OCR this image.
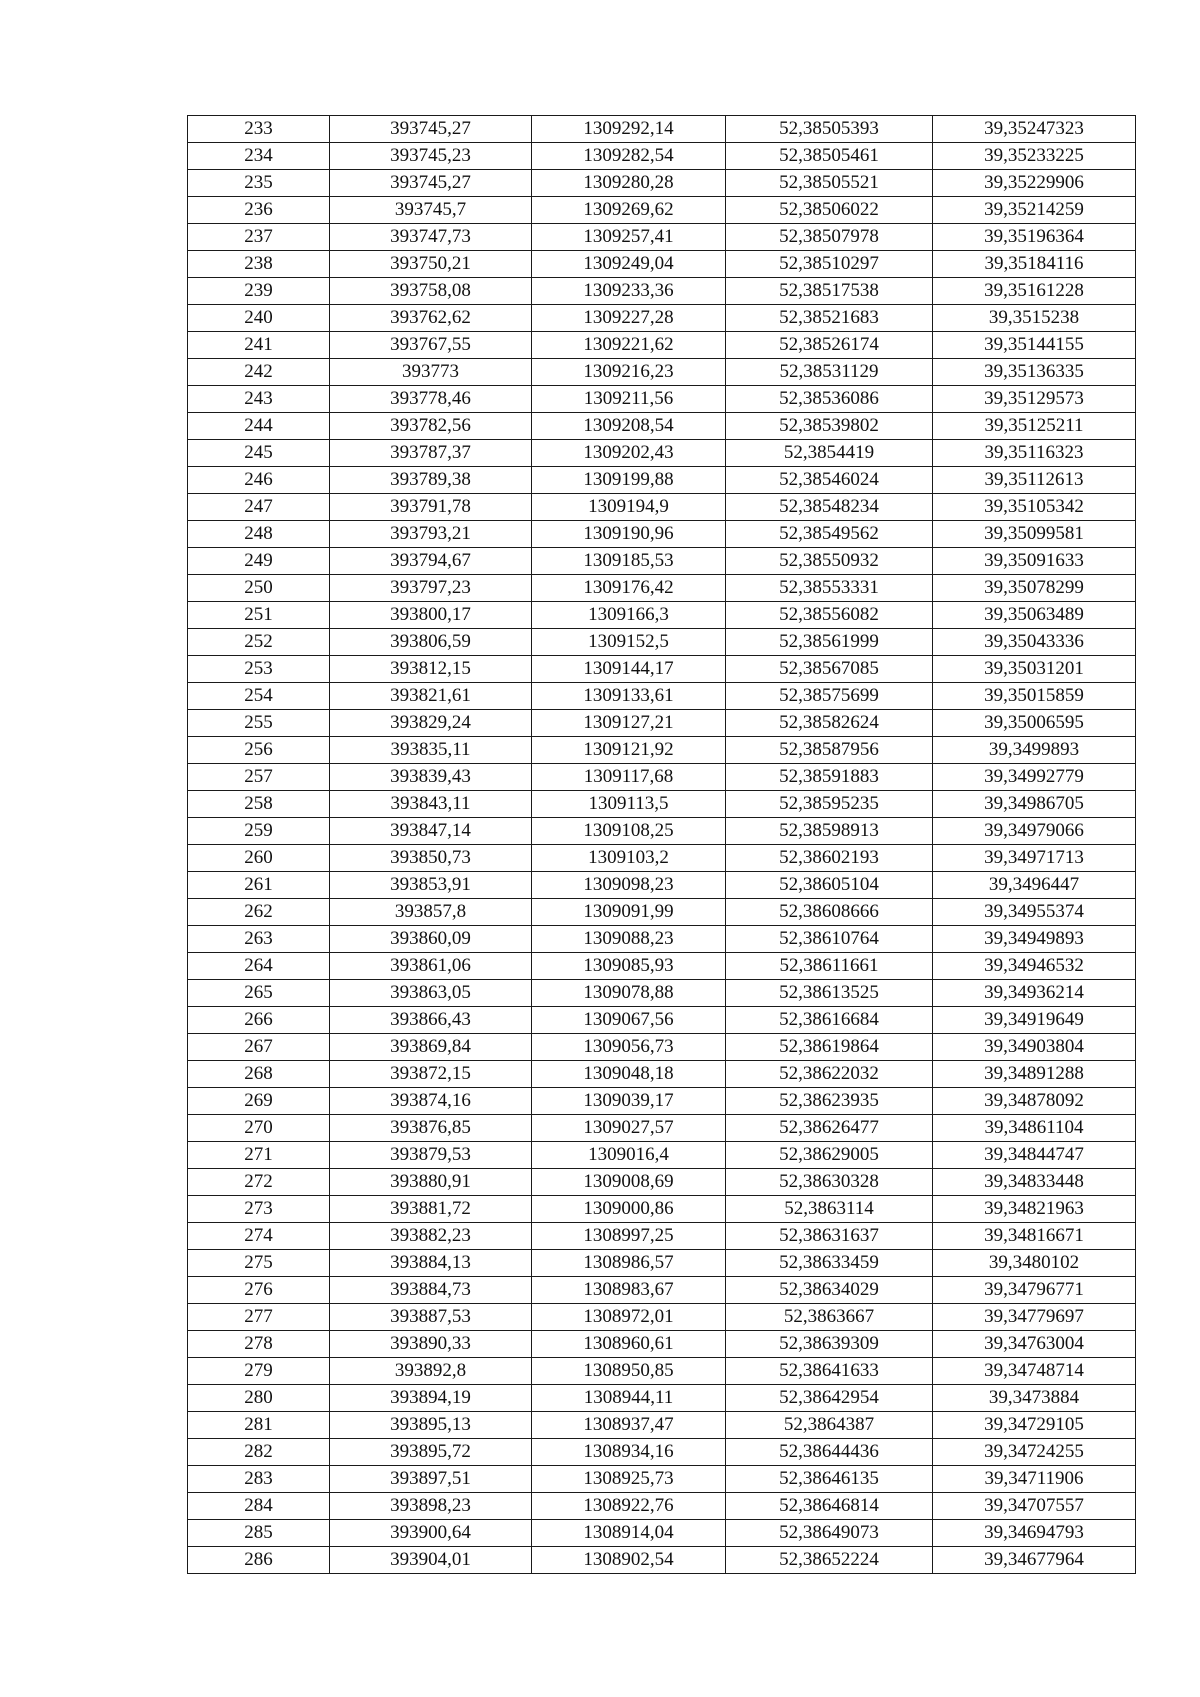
233	393745,27	1309292,14	52,38505393	39,35247323
234	393745,23	1309282,54	52,38505461	39,35233225
235	393745,27	1309280,28	52,38505521	39,35229906
236	393745,7	1309269,62	52,38506022	39,35214259
237	393747,73	1309257,41	52,38507978	39,35196364
238	393750,21	1309249,04	52,38510297	39,35184116
239	393758,08	1309233,36	52,38517538	39,35161228
240	393762,62	1309227,28	52,38521683	39,3515238
241	393767,55	1309221,62	52,38526174	39,35144155
242	393773	1309216,23	52,38531129	39,35136335
243	393778,46	1309211,56	52,38536086	39,35129573
244	393782,56	1309208,54	52,38539802	39,35125211
245	393787,37	1309202,43	52,3854419	39,35116323
246	393789,38	1309199,88	52,38546024	39,35112613
247	393791,78	1309194,9	52,38548234	39,35105342
248	393793,21	1309190,96	52,38549562	39,35099581
249	393794,67	1309185,53	52,38550932	39,35091633
250	393797,23	1309176,42	52,38553331	39,35078299
251	393800,17	1309166,3	52,38556082	39,35063489
252	393806,59	1309152,5	52,38561999	39,35043336
253	393812,15	1309144,17	52,38567085	39,35031201
254	393821,61	1309133,61	52,38575699	39,35015859
255	393829,24	1309127,21	52,38582624	39,35006595
256	393835,11	1309121,92	52,38587956	39,3499893
257	393839,43	1309117,68	52,38591883	39,34992779
258	393843,11	1309113,5	52,38595235	39,34986705
259	393847,14	1309108,25	52,38598913	39,34979066
260	393850,73	1309103,2	52,38602193	39,34971713
261	393853,91	1309098,23	52,38605104	39,3496447
262	393857,8	1309091,99	52,38608666	39,34955374
263	393860,09	1309088,23	52,38610764	39,34949893
264	393861,06	1309085,93	52,38611661	39,34946532
265	393863,05	1309078,88	52,38613525	39,34936214
266	393866,43	1309067,56	52,38616684	39,34919649
267	393869,84	1309056,73	52,38619864	39,34903804
268	393872,15	1309048,18	52,38622032	39,34891288
269	393874,16	1309039,17	52,38623935	39,34878092
270	393876,85	1309027,57	52,38626477	39,34861104
271	393879,53	1309016,4	52,38629005	39,34844747
272	393880,91	1309008,69	52,38630328	39,34833448
273	393881,72	1309000,86	52,3863114	39,34821963
274	393882,23	1308997,25	52,38631637	39,34816671
275	393884,13	1308986,57	52,38633459	39,3480102
276	393884,73	1308983,67	52,38634029	39,34796771
277	393887,53	1308972,01	52,3863667	39,34779697
278	393890,33	1308960,61	52,38639309	39,34763004
279	393892,8	1308950,85	52,38641633	39,34748714
280	393894,19	1308944,11	52,38642954	39,3473884
281	393895,13	1308937,47	52,3864387	39,34729105
282	393895,72	1308934,16	52,38644436	39,34724255
283	393897,51	1308925,73	52,38646135	39,34711906
284	393898,23	1308922,76	52,38646814	39,34707557
285	393900,64	1308914,04	52,38649073	39,34694793
286	393904,01	1308902,54	52,38652224	39,34677964
